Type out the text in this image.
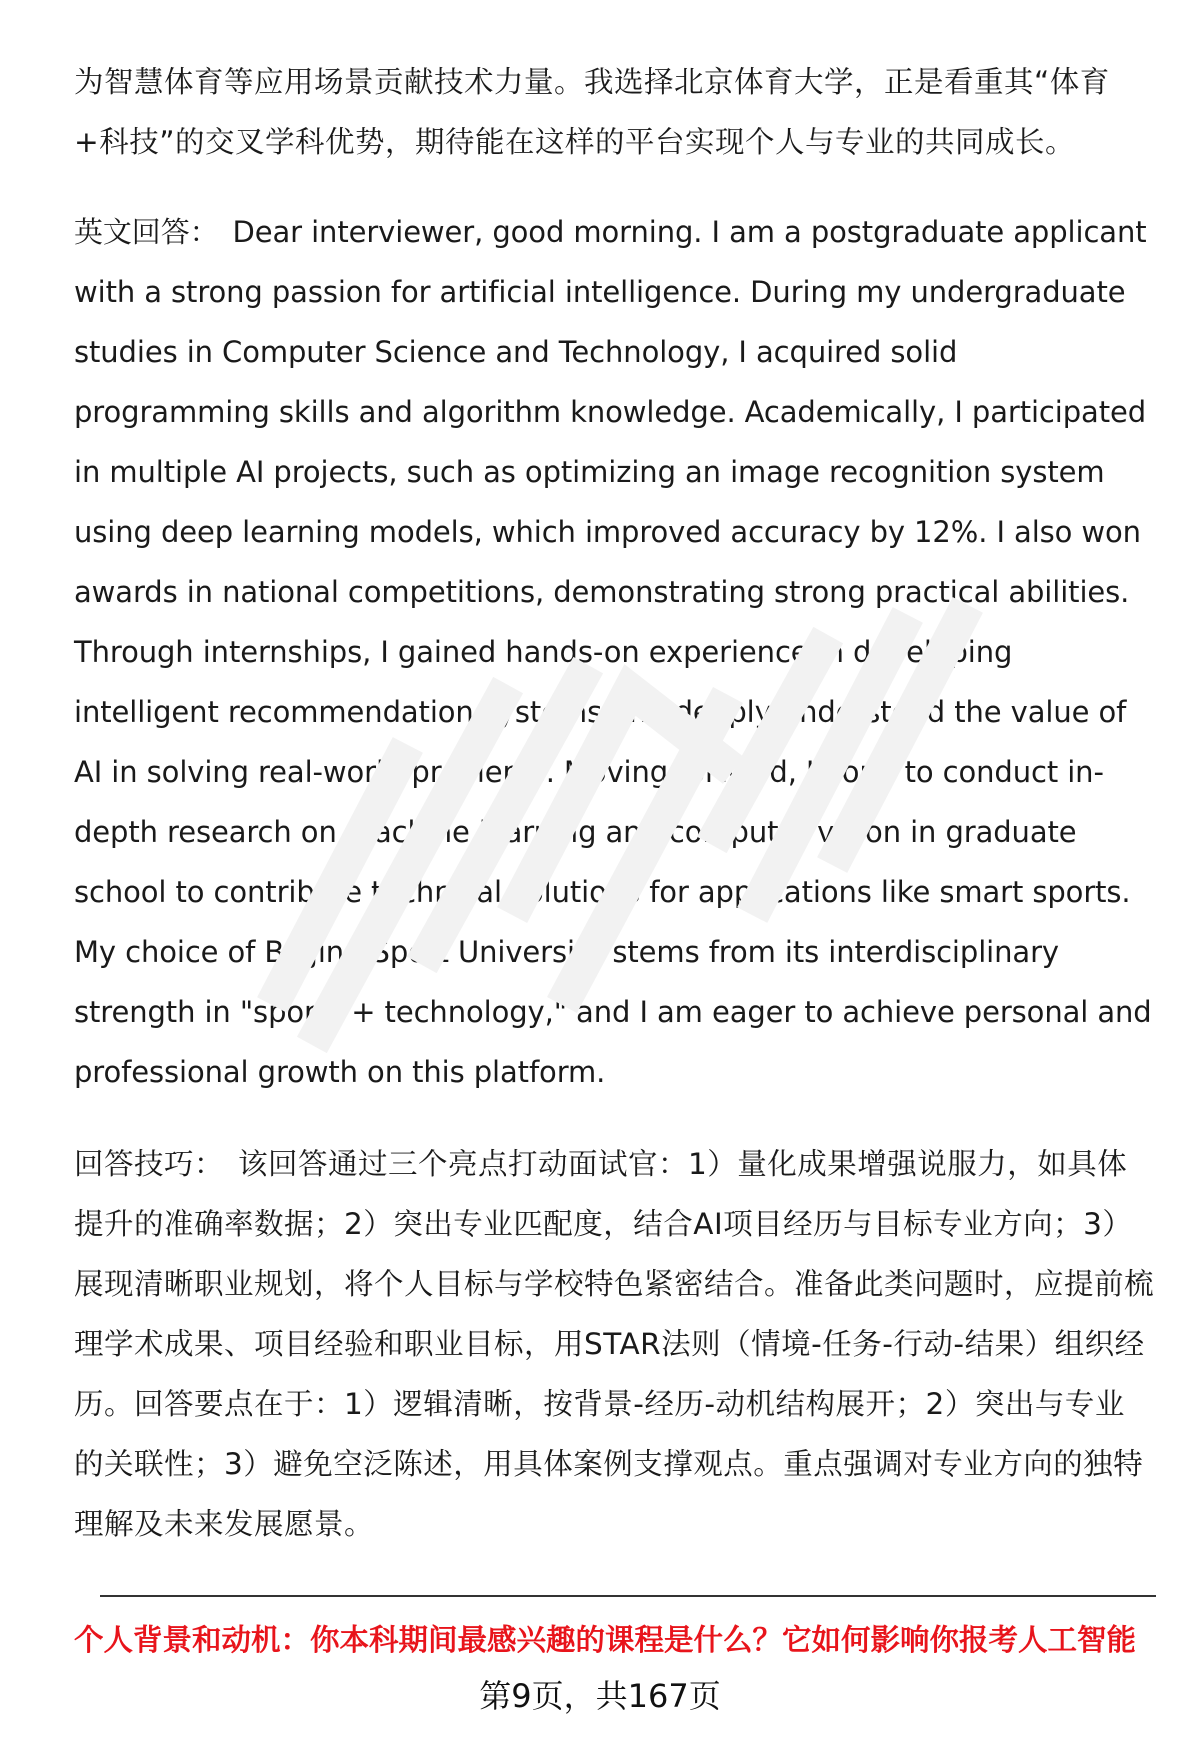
为智慧体育等应用场景贡献技术力量。我选择北京体育大学，正是看重其“体育+科技”的交叉学科优势，期待能在这样的平台实现个人与专业的共同成长。

英文回答： Dear interviewer, good morning. I am a postgraduate applicant with a strong passion for artificial intelligence. During my undergraduate studies in Computer Science and Technology, I acquired solid programming skills and algorithm knowledge. Academically, I participated in multiple AI projects, such as optimizing an image recognition system using deep learning models, which improved accuracy by 12%. I also won awards in national competitions, demonstrating strong practical abilities. Through internships, I gained hands-on experience in developing intelligent recommendation systems and deeply understood the value of AI in solving real-world problems. Moving forward, I hope to conduct in-depth research on machine learning and computer vision in graduate school to contribute technical solutions for applications like smart sports. My choice of Beijing Sport University stems from its interdisciplinary strength in "sports + technology," and I am eager to achieve personal and professional growth on this platform.

回答技巧： 该回答通过三个亮点打动面试官：1）量化成果增强说服力，如具体提升的准确率数据；2）突出专业匹配度，结合AI项目经历与目标专业方向；3）展现清晰职业规划，将个人目标与学校特色紧密结合。准备此类问题时，应提前梳理学术成果、项目经验和职业目标，用STAR法则（情境-任务-行动-结果）组织经历。回答要点在于：1）逻辑清晰，按背景-经历-动机结构展开；2）突出与专业的关联性；3）避免空泛陈述，用具体案例支撑观点。重点强调对专业方向的独特理解及未来发展愿景。

个人背景和动机：你本科期间最感兴趣的课程是什么？它如何影响你报考人工智能
第9页，共167页
